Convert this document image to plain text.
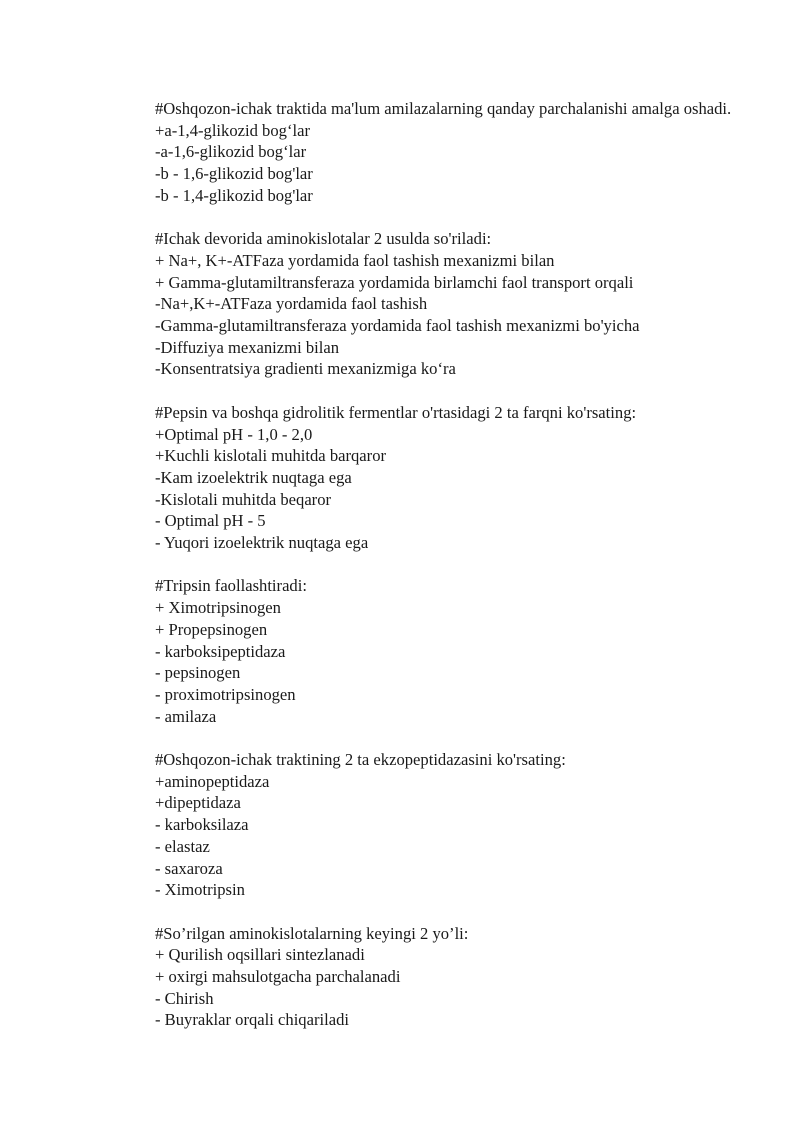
#Oshqozon-ichak traktida ma'lum amilazalarning qanday parchalanishi amalga oshadi.

+a-1,4-glikozid bog‘lar
-a-1,6-glikozid bog‘lar
-b - 1,6-glikozid bog'lar
-b - 1,4-glikozid bog'lar

#Ichak devorida aminokislotalar 2 usulda so'riladi:

+ Na+, K+-ATFaza yordamida faol tashish mexanizmi bilan
+ Gamma-glutamiltransferaza yordamida birlamchi faol transport orqali
-Na+,K+-ATFaza yordamida faol tashish
-Gamma-glutamiltransferaza yordamida faol tashish mexanizmi bo'yicha
-Diffuziya mexanizmi bilan
-Konsentratsiya gradienti mexanizmiga ko‘ra

#Pepsin va boshqa gidrolitik fermentlar o'rtasidagi 2 ta farqni ko'rsating:

+Optimal pH - 1,0 - 2,0
+Kuchli kislotali muhitda barqaror
-Kam izoelektrik nuqtaga ega
-Kislotali muhitda beqaror
- Optimal pH - 5
- Yuqori izoelektrik nuqtaga ega

#Tripsin faollashtiradi:

+ Ximotripsinogen
+ Propepsinogen
- karboksipeptidaza
- pepsinogen
- proximotripsinogen
- amilaza

#Oshqozon-ichak traktining 2 ta ekzopeptidazasini ko'rsating:

+aminopeptidaza
+dipeptidaza
- karboksilaza
- elastaz
- saxaroza
- Ximotripsin

#So’rilgan aminokislotalarning keyingi 2 yo’li:

+ Qurilish oqsillari sintezlanadi
+ oxirgi mahsulotgacha parchalanadi
- Chirish
- Buyraklar orqali chiqariladi
